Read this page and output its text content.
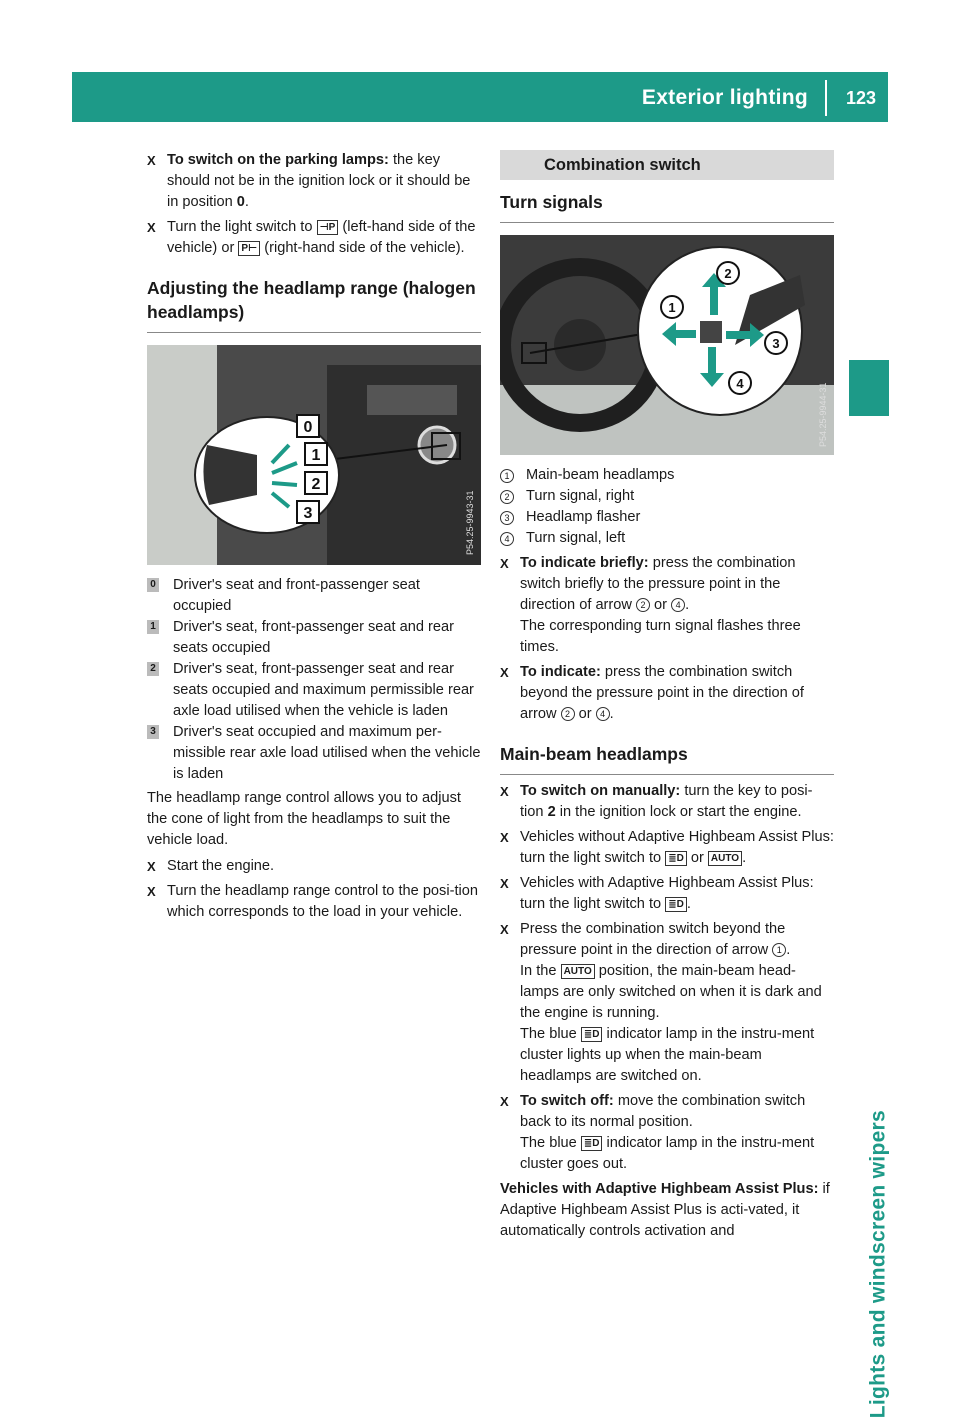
Exterior lighting 123
Lights and windscreen wipers

X To switch on the parking lamps: the key should not be in the ignition lock or it should be in position 0.

X Turn the light switch to ⊣P (left-hand side of the vehicle) or P⊢ (right-hand side of the vehicle).

Adjusting the headlamp range (halogen headlamps)
0
1
2
3	P54.25-9943-31

0 Driver's seat and front-passenger seat occupied

1 Driver's seat, front-passenger seat and rear seats occupied

2 Driver's seat, front-passenger seat and rear seats occupied and maximum permissible rear axle load utilised when the vehicle is laden

3 Driver's seat occupied and maximum per-missible rear axle load utilised when the vehicle is laden

The headlamp range control allows you to adjust the cone of light from the headlamps to suit the vehicle load.

X Start the engine.

X Turn the headlamp range control to the posi-tion which corresponds to the load in your vehicle.

Combination switch
Turn signals
1
2
3
4	P54.25-9944-31

1	Main-beam headlamps

2	Turn signal, right

3	Headlamp flasher

4	Turn signal, left

X To indicate briefly: press the combination switch briefly to the pressure point in the direction of arrow 2 or 4 .
The corresponding turn signal flashes three times.

X To indicate: press the combination switch beyond the pressure point in the direction of arrow 2 or 4 .

Main-beam headlamps

X To switch on manually: turn the key to posi-tion 2 in the ignition lock or start the engine.

X Vehicles without Adaptive Highbeam Assist Plus: turn the light switch to ≣D or AUTO .

X Vehicles with Adaptive Highbeam Assist Plus: turn the light switch to ≣D .

X Press the combination switch beyond the pressure point in the direction of arrow 1 .
In the AUTO position, the main-beam head-lamps are only switched on when it is dark and the engine is running.
The blue ≣D indicator lamp in the instru-ment cluster lights up when the main-beam headlamps are switched on.

X To switch off: move the combination switch back to its normal position.
The blue ≣D indicator lamp in the instru-ment cluster goes out.

Vehicles with Adaptive Highbeam Assist Plus: if Adaptive Highbeam Assist Plus is acti-vated, it automatically controls activation and
